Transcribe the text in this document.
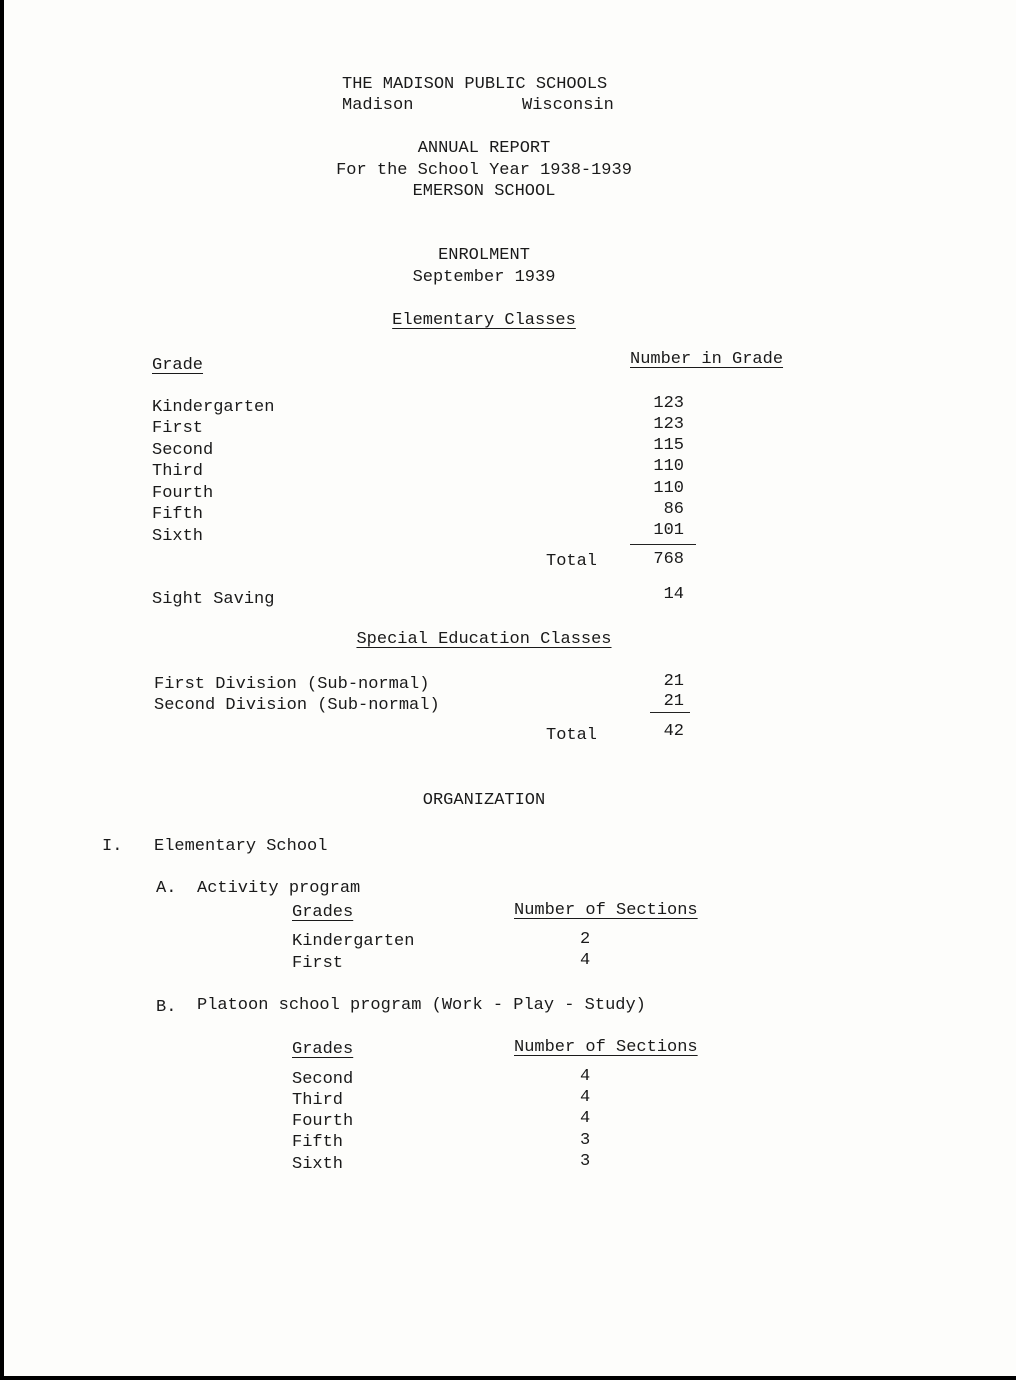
THE MADISON PUBLIC SCHOOLS
Madison	Wisconsin
ANNUAL REPORT
For the School Year 1938-1939
EMERSON SCHOOL
ENROLMENT
September 1939
Elementary Classes
Grade	Number in Grade
Kindergarten	123
First	123
Second	115
Third	110
Fourth	110
Fifth	86
Sixth	101
Total	768
Sight Saving	14
Special Education Classes
First Division (Sub-normal)	21
Second Division (Sub-normal)	21
Total	42
ORGANIZATION
I. Elementary School
A. Activity program
Grades	Number of Sections
Kindergarten	2
First	4
B. Platoon school program (Work - Play - Study)
Grades	Number of Sections
Second	4
Third	4
Fourth	4
Fifth	3
Sixth	3
